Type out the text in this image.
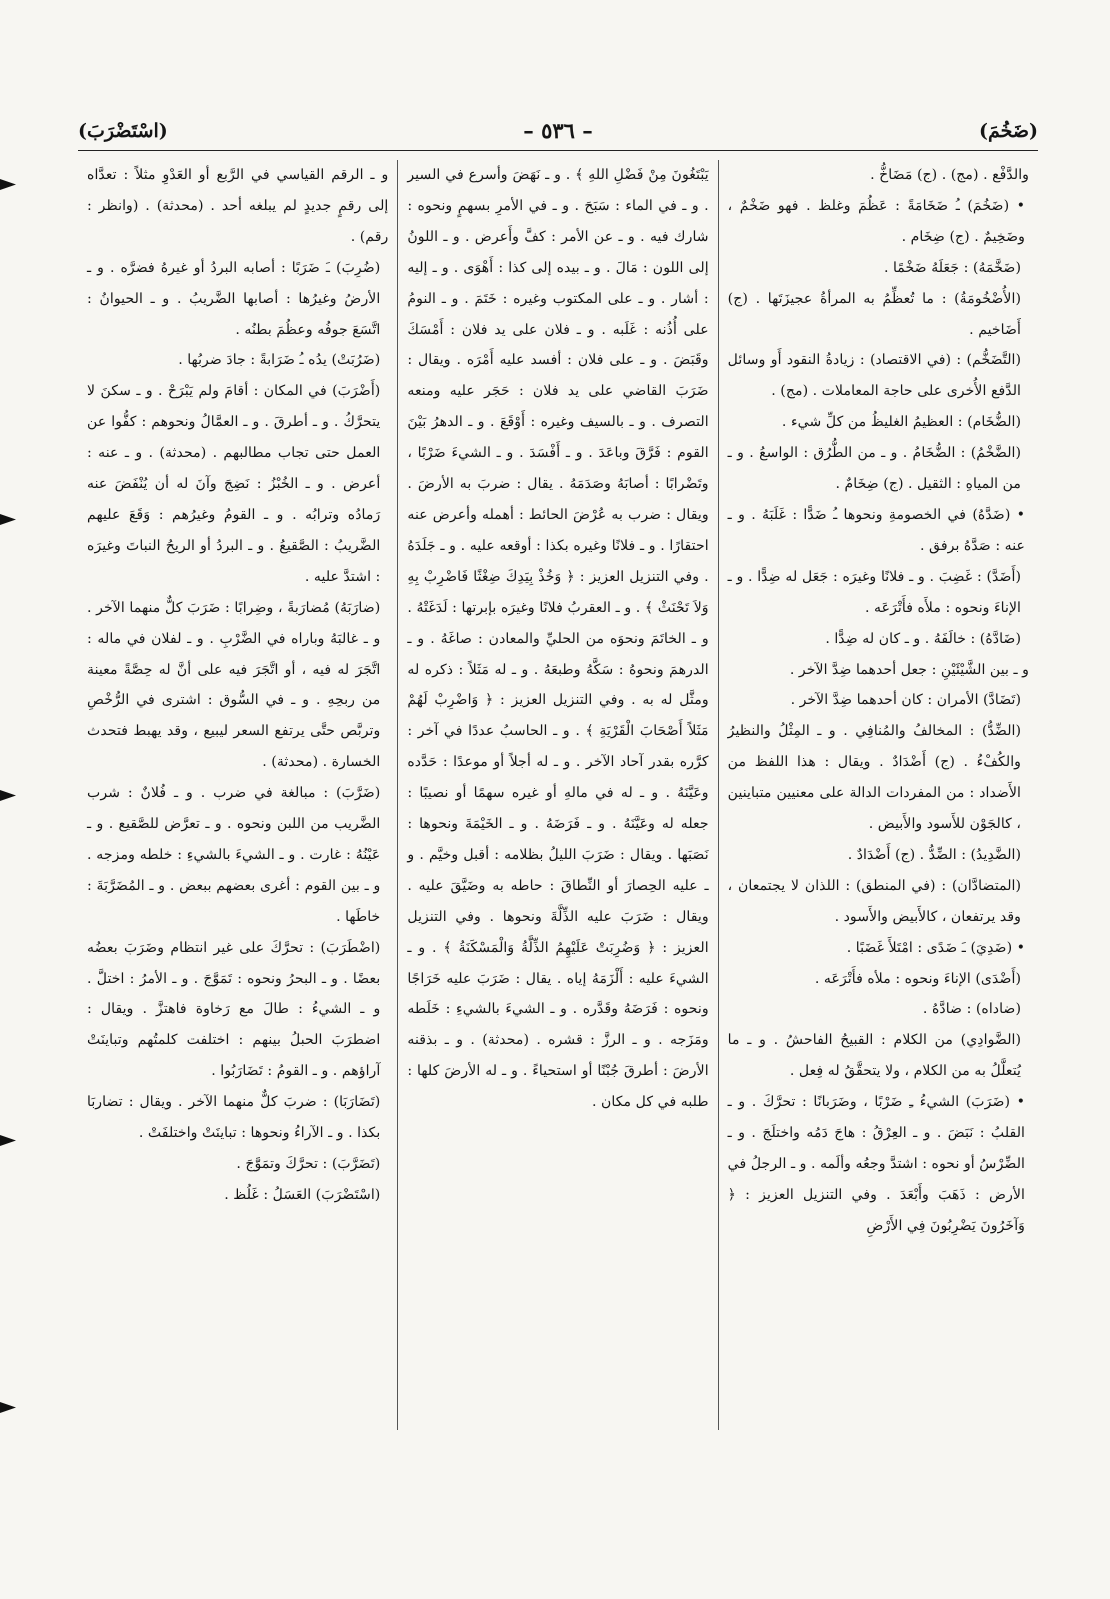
(ضَخُمَ)
– ٥٣٦ –
(اسْتَضْرَبَ)

والدَّفْع . (مج) . (ج) مَضَاخُّ .

• (ضَخُمَ) ـُ ضَخَامَةً : عَظُمَ وغلظ . فهو ضَخْمٌ ، وضَخِيمٌ . (ج) ضِخَام .

(ضَخَّمَهُ) : جَعَلَهُ ضَخْمًا .

(الأُضْخُومَةُ) : ما تُعظِّمُ به المرأةُ عجيزَتَها . (ج) أَضَاخيم .

(التَّضَخُّم) : (في الاقتصاد) : زيادةُ النقود أَو وسائل الدَّفع الأُخرى على حاجة المعاملات . (مج) .

(الضُّخَام) : العظيمُ الغليظُ من كلِّ شيء .

(الضَّخْمُ) : الضُّخَامُ . و ـ من الطُّرُق : الواسعُ . و ـ من المياهِ : الثقيل . (ج) ضِخَامٌ .

• (ضَدَّهُ) في الخصومةِ ونحوها ـُ ضَدًّا : غَلَبَهُ . و ـ عنه : صَدَّهُ برفق .

(أَضَدَّ) : غَضِبَ . و ـ فلانًا وغيرَه : جَعَل له ضِدًّا . و ـ الإناءَ ونحوه : ملأَه فأَتْرَعَه .

(ضَادَّهُ) : خالَفَهُ . و ـ كان له ضِدًّا .

و ـ بين الشَّيْئَيْنِ : جعل أحدهما ضِدَّ الآخر .

(تَضَادَّ) الأمران : كان أحدهما ضِدَّ الآخر .

(الضِّدُّ) : المخالفُ والمُنافِي . و ـ المِثْلُ والنظيرُ والكُفْءُ . (ج) أَضْدَادٌ . ويقال : هذا اللفظ من الأَضداد : من المفردات الدالة على معنيين متباينين ، كالجَوْن للأَسود والأَبيض .

(الضَّدِيدُ) : الضِّدُّ . (ج) أَضْدَادٌ .

(المتضادَّان) : (في المنطق) : اللذان لا يجتمعان ، وقد يرتفعان ، كالأَبيض والأَسود .

• (ضَدِيَ) ـَ ضَدًى : امْتَلأَ غَضَبًا .

(أَضْدَى) الإناءَ ونحوه : ملأه فأَتْرَعَه .

(ضاداه) : ضادَّهُ .

(الضَّوادِي) من الكلام : القبيحُ الفاحشُ . و ـ ما يُتعلَّلُ به من الكلام ، ولا يتحقَّقُ له فِعل .

• (ضَرَبَ) الشيءُ ـِ ضَرْبًا ، وضَرَبانًا : تحرَّكَ . و ـ القلبُ : نَبَضَ . و ـ العِرْقُ : هاجَ دَمُه واختلَجَ . و ـ الضِّرْسُ أو نحوه : اشتدَّ وجعُه وألَمه . و ـ الرجلُ في الأرض : ذَهَبَ وأَبْعَدَ . وفي التنزيل العزيز : ﴿ وَآخَرُونَ يَضْرِبُونَ فِي الأَرْضِ

يَبْتَغُونَ مِنْ فَضْلِ اللهِ ﴾ . و ـ نَهَضَ وأسرع في السير . و ـ في الماء : سَبَحَ . و ـ في الأمرِ بسهمٍ ونحوه : شارك فيه . و ـ عن الأمر : كفَّ وأَعرض . و ـ اللونُ إلى اللون : مَالَ . و ـ بيده إلى كذا : أَهْوَى . و ـ إليه : أشار . و ـ على المكتوب وغيره : خَتَمَ . و ـ النومُ على أُذُنه : غَلَبه . و ـ فلان على يد فلان : أَمْسَكَ وقَبَضَ . و ـ على فلان : أفسد عليه أَمْرَه . ويقال : ضَرَبَ القاضي على يد فلان : حَجَر عليه ومنعه التصرف . و ـ بالسيف وغيره : أَوْقَعَ . و ـ الدهرُ بَيْنَ القوم : فَرَّقَ وباعَدَ . و ـ أَفْسَدَ . و ـ الشيءَ ضَرْبًا ، وتَضْرابًا : أصابَهُ وصَدَمَهُ . يقال : ضربَ به الأرضَ . ويقال : ضرب به عُرْضَ الحائط : أهمله وأعرض عنه احتقارًا . و ـ فلانًا وغيره بكذا : أوقعه عليه . و ـ جَلَدَهُ . وفي التنزيل العزيز : ﴿ وَخُذْ بِيَدِكَ ضِغْثًا فَاضْرِبْ بِهِ وَلاَ تَحْنَثْ ﴾ . و ـ العقربُ فلانًا وغيرَه بإبرتها : لَدَغَتْهُ . و ـ الخاتَمَ ونحوَه من الحليِّ والمعادن : صاغَهُ . و ـ الدرهمَ ونحوهُ : سَكَّهُ وطبعَهُ . و ـ له مَثَلاً : ذكره له ومثَّل له به . وفي التنزيل العزيز : ﴿ وَاضْرِبْ لَهُمْ مَثَلاً أَصْحَابَ الْقَرْيَةِ ﴾ . و ـ الحاسبُ عددًا في آخر : كرَّره بقدر آحاد الآخر . و ـ له أجلاً أو موعدًا : حَدَّده وعَيَّنَهُ . و ـ له في مالهِ أو غيره سهمًا أو نصيبًا : جعله له وعَيَّنَهُ . و ـ فَرَضَهُ . و ـ الخَيْمَةَ ونحوها : نَصَبَها . ويقال : ضَرَبَ الليلُ بظلامه : أقبل وخيَّم . و ـ عليه الحِصارَ أو النِّطاقَ : حاطه به وضَيَّقَ عليه . ويقال : ضَرَبَ عليه الذِّلَّةَ ونحوها . وفي التنزيل العزيز : ﴿ وَضُرِبَتْ عَلَيْهِمُ الذِّلَّةُ وَالْمَسْكَنَةُ ﴾ . و ـ الشيءَ عليه : أَلْزَمَهُ إياه . يقال : ضَرَبَ عليه خَرَاجًا ونحوه : فَرَضَهُ وقَدَّره . و ـ الشيءَ بالشيءِ : خَلَطه ومَزَجه . و ـ الرزَّ : قشره . (محدثة) . و ـ بذقنه الأرضَ : أطرقَ جُبْنًا أو استحياءً . و ـ له الأرضَ كلها : طلبه في كل مكان .

و ـ الرقم القياسي في الرَّبع أو العَدْوِ مثلاً : تعدَّاه إلى رقمٍ جديدٍ لم يبلغه أحد . (محدثة) . (وانظر : رقم) .

(ضُرِبَ) ـَ ضَرَبًا : أصابه البردُ أو غيرهُ فضرَّه . و ـ الأرضُ وغيرُها : أصابها الضَّريبُ . و ـ الحيوانُ : اتَّسَعَ جوفُه وعظُمَ بطنُه .

(ضَرُبَتْ) يدُه ـُ ضَرَابةً : جادَ ضربُها .

(أَضْرَبَ) في المكان : أقامَ ولم يَبْرَحْ . و ـ سكنَ لا يتحرَّكُ . و ـ أطرقَ . و ـ العمَّالُ ونحوهم : كفُّوا عن العمل حتى تجاب مطالبهم . (محدثة) . و ـ عنه : أعرض . و ـ الخُبْزُ : نَضِجَ وآنَ له أن يُنْفَضَ عنه رَمادُه وترابُه . و ـ القومُ وغيرُهم : وَقَعَ عليهم الضَّريبُ : الصَّقيعُ . و ـ البردُ أو الريحُ النباتَ وغيرَه : اشتدَّ عليه .

(ضارَبَهُ) مُضارَبةً ، وضِرابًا : ضَرَبَ كلٌّ منهما الآخر . و ـ غالبَهُ وباراه في الضَّرْبِ . و ـ لفلان في ماله : اتَّجَرَ له فيه ، أو اتَّجَرَ فيه على أنَّ له حِصَّةً معينة من ربحِهِ . و ـ في السُّوق : اشترى في الرُّخْصِ وتربَّص حتَّى يرتفع السعر ليبيع ، وقد يهبط فتحدث الخسارة . (محدثة) .

(ضَرَّبَ) : مبالغة في ضرب . و ـ فُلانٌ : شرب الضَّريب من اللبن ونحوه . و ـ تعرَّض للصَّقيع . و ـ عَيْنُهُ : غارت . و ـ الشيءَ بالشيءِ : خلطه ومزجه . و ـ بين القوم : أغرى بعضهم ببعض . و ـ المُضَرَّبَةَ : خاطَها .

(اضْطَرَبَ) : تحرَّكَ على غير انتظام وضَرَبَ بعضُه بعضًا . و ـ البحرُ ونحوه : تَمَوَّجَ . و ـ الأمرُ : اختلَّ . و ـ الشيءُ : طالَ مع رَخاوة فاهتزَّ . ويقال : اضطرَبَ الحبلُ بينهم : اختلفت كلمتُهم وتباينَتْ آراؤهم . و ـ القومُ : تَضَارَبُوا .

(تَضَارَبَا) : ضربَ كلٌّ منهما الآخر . ويقال : تضاربَا بكذا . و ـ الآراءُ ونحوها : تباينَتْ واختلفَتْ .

(تَضَرَّبَ) : تحرَّكَ وتمَوَّجَ .

(اسْتَضْرَبَ) العَسَلُ : غَلُظ .
